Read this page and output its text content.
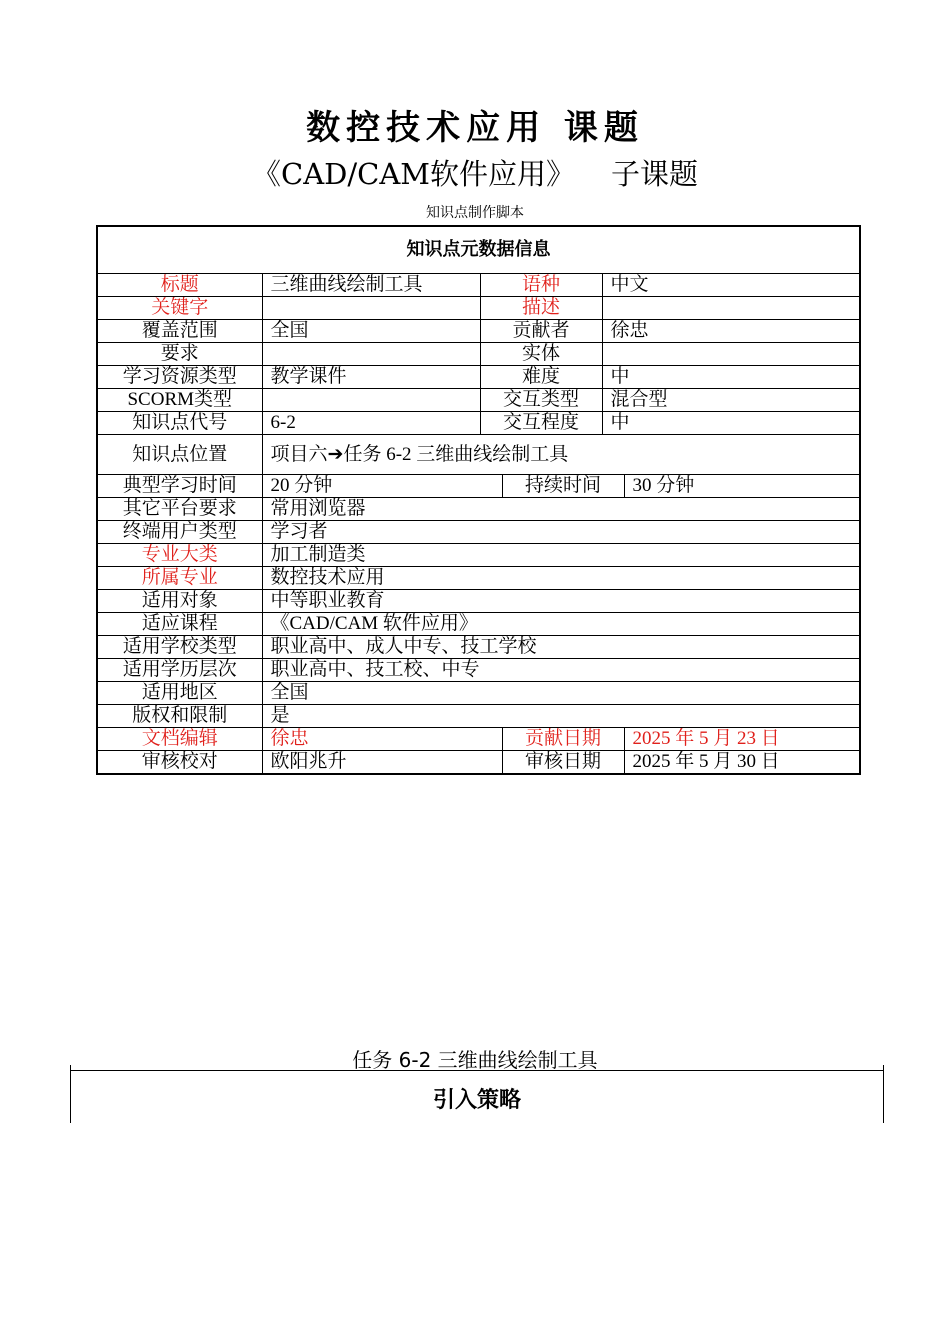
数控技术应用 课题
《CAD/CAM软件应用》 子课题
知识点制作脚本
知识点元数据信息					
标题	三维曲线绘制工具	语种		中文	
关键字		描述			
覆盖范围	全国	贡献者		徐忠	
要求		实体			
学习资源类型	教学课件	难度		中	
SCORM类型		交互类型		混合型	
知识点代号	6-2	交互程度		中	
知识点位置	项目六➔任务 6-2 三维曲线绘制工具				
典型学习时间	20 分钟		持续时间		30 分钟
其它平台要求	常用浏览器				
终端用户类型	学习者				
专业大类	加工制造类				
所属专业	数控技术应用				
适用对象	中等职业教育				
适应课程	《CAD/CAM 软件应用》				
适用学校类型	职业高中、成人中专、技工学校				
适用学历层次	职业高中、技工校、中专				
适用地区	全国				
版权和限制	是				
文档编辑	徐忠		贡献日期		2025 年 5 月 23 日
审核校对	欧阳兆升		审核日期		2025 年 5 月 30 日
任务 6-2 三维曲线绘制工具
引入策略
